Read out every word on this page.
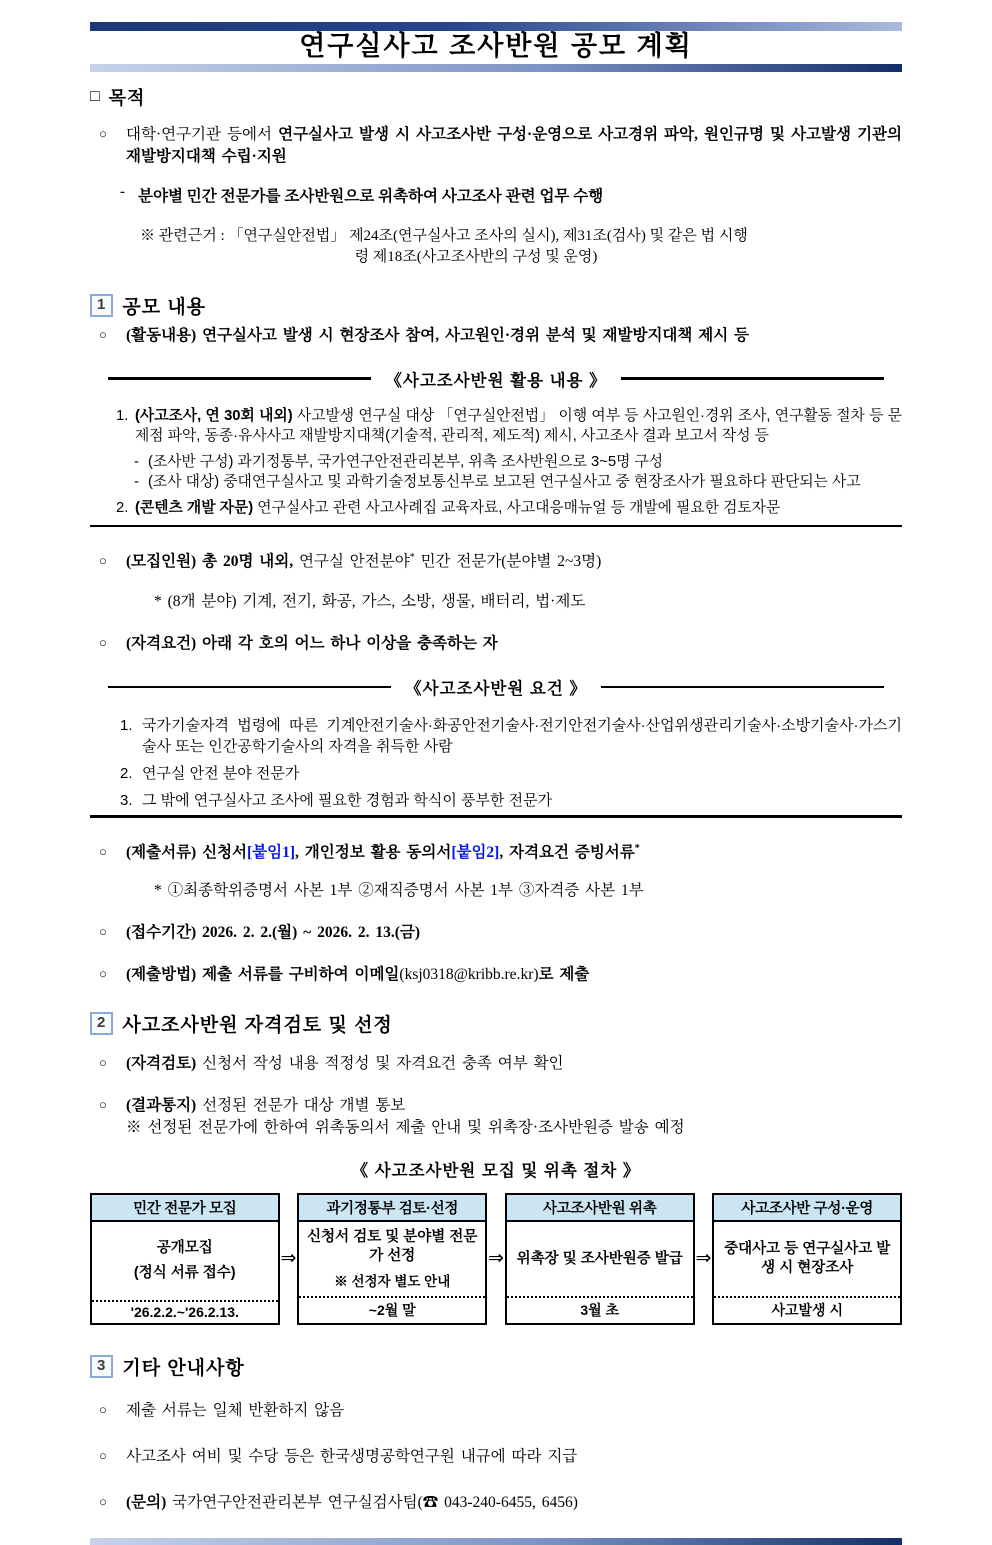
연구실사고 조사반원 공모 계획
□ 목적
○ 대학·연구기관 등에서 연구실사고 발생 시 사고조사반 구성·운영으로 사고경위 파악, 원인규명 및 사고발생 기관의 재발방지대책 수립·지원
- 분야별 민간 전문가를 조사반원으로 위촉하여 사고조사 관련 업무 수행
※ 관련근거 : 「연구실안전법」 제24조(연구실사고 조사의 실시), 제31조(검사) 및 같은 법 시행
령 제18조(사고조사반의 구성 및 운영)
1 공모 내용
○ (활동내용) 연구실사고 발생 시 현장조사 참여, 사고원인·경위 분석 및 재발방지대책 제시 등
《사고조사반원 활용 내용 》
1. (사고조사, 연 30회 내외) 사고발생 연구실 대상 「연구실안전법」 이행 여부 등 사고원인·경위 조사, 연구활동 절차 등 문제점 파악, 동종·유사사고 재발방지대책(기술적, 관리적, 제도적) 제시, 사고조사 결과 보고서 작성 등
- (조사반 구성) 과기정통부, 국가연구안전관리본부, 위촉 조사반원으로 3~5명 구성
- (조사 대상) 중대연구실사고 및 과학기술정보통신부로 보고된 연구실사고 중 현장조사가 필요하다 판단되는 사고
2. (콘텐츠 개발 자문) 연구실사고 관련 사고사례집 교육자료, 사고대응매뉴얼 등 개발에 필요한 검토자문
○ (모집인원) 총 20명 내외, 연구실 안전분야* 민간 전문가(분야별 2~3명)
* (8개 분야) 기계, 전기, 화공, 가스, 소방, 생물, 배터리, 법·제도
○ (자격요건) 아래 각 호의 어느 하나 이상을 충족하는 자
《사고조사반원 요건 》
1. 국가기술자격 법령에 따른 기계안전기술사·화공안전기술사·전기안전기술사·산업위생관리기술사·소방기술사·가스기술사 또는 인간공학기술사의 자격을 취득한 사람
2. 연구실 안전 분야 전문가
3. 그 밖에 연구실사고 조사에 필요한 경험과 학식이 풍부한 전문가
○ (제출서류) 신청서[붙임1], 개인정보 활용 동의서[붙임2], 자격요건 증빙서류*
* ①최종학위증명서 사본 1부 ②재직증명서 사본 1부 ③자격증 사본 1부
○ (접수기간) 2026. 2. 2.(월) ~ 2026. 2. 13.(금)
○ (제출방법) 제출 서류를 구비하여 이메일(ksj0318@kribb.re.kr)로 제출
2 사고조사반원 자격검토 및 선정
○ (자격검토) 신청서 작성 내용 적정성 및 자격요건 충족 여부 확인
○ (결과통지) 선정된 전문가 대상 개별 통보
※ 선정된 전문가에 한하여 위촉동의서 제출 안내 및 위촉장·조사반원증 발송 예정
《 사고조사반원 모집 및 위촉 절차 》
민간 전문가 모집
공개모집
(정식 서류 접수)
'26.2.2.~'26.2.13.
⇒
과기정통부 검토·선정
신청서 검토 및 분야별 전문가 선정
※ 선정자 별도 안내
~2월 말
⇒
사고조사반원 위촉
위촉장 및 조사반원증 발급
3월 초
⇒
사고조사반 구성·운영
중대사고 등 연구실사고 발생 시 현장조사
사고발생 시
3 기타 안내사항
○ 제출 서류는 일체 반환하지 않음
○ 사고조사 여비 및 수당 등은 한국생명공학연구원 내규에 따라 지급
○ (문의) 국가연구안전관리본부 연구실검사팀(☎ 043-240-6455, 6456)
